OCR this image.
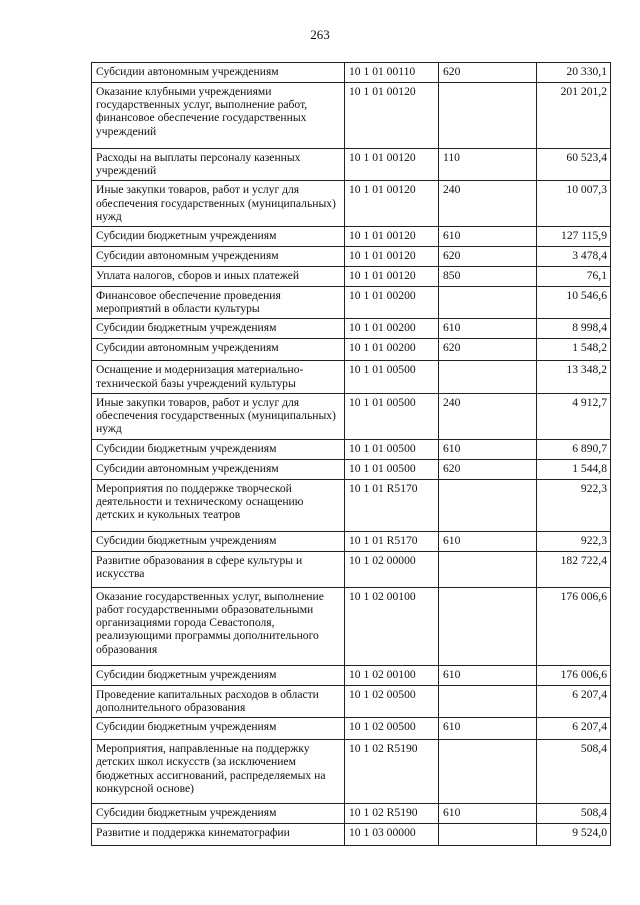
263
Субсидии автономным учреждениям	10 1 01 00110	620	20 330,1
Оказание клубными учреждениями государственных услуг, выполнение работ, финансовое обеспечение государственных учреждений	10 1 01 00120		201 201,2
Расходы на выплаты персоналу казенных учреждений	10 1 01 00120	110	60 523,4
Иные закупки товаров, работ и услуг для обеспечения государственных (муниципальных) нужд	10 1 01 00120	240	10 007,3
Субсидии бюджетным учреждениям	10 1 01 00120	610	127 115,9
Субсидии автономным учреждениям	10 1 01 00120	620	3 478,4
Уплата налогов, сборов и иных платежей	10 1 01 00120	850	76,1
Финансовое обеспечение проведения мероприятий в области культуры	10 1 01 00200		10 546,6
Субсидии бюджетным учреждениям	10 1 01 00200	610	8 998,4
Субсидии автономным учреждениям	10 1 01 00200	620	1 548,2
Оснащение и модернизация материально-технической базы учреждений культуры	10 1 01 00500		13 348,2
Иные закупки товаров, работ и услуг для обеспечения государственных (муниципальных) нужд	10 1 01 00500	240	4 912,7
Субсидии бюджетным учреждениям	10 1 01 00500	610	6 890,7
Субсидии автономным учреждениям	10 1 01 00500	620	1 544,8
Мероприятия по поддержке творческой деятельности и техническому оснащению детских и кукольных театров	10 1 01 R5170		922,3
Субсидии бюджетным учреждениям	10 1 01 R5170	610	922,3
Развитие образования в сфере культуры и искусства	10 1 02 00000		182 722,4
Оказание государственных услуг, выполнение работ государственными образовательными организациями города Севастополя, реализующими программы дополнительного образования	10 1 02 00100		176 006,6
Субсидии бюджетным учреждениям	10 1 02 00100	610	176 006,6
Проведение капитальных расходов в области дополнительного образования	10 1 02 00500		6 207,4
Субсидии бюджетным учреждениям	10 1 02 00500	610	6 207,4
Мероприятия, направленные на поддержку детских школ искусств (за исключением бюджетных ассигнований, распределяемых на конкурсной основе)	10 1 02 R5190		508,4
Субсидии бюджетным учреждениям	10 1 02 R5190	610	508,4
Развитие и поддержка кинематографии	10 1 03 00000		9 524,0
